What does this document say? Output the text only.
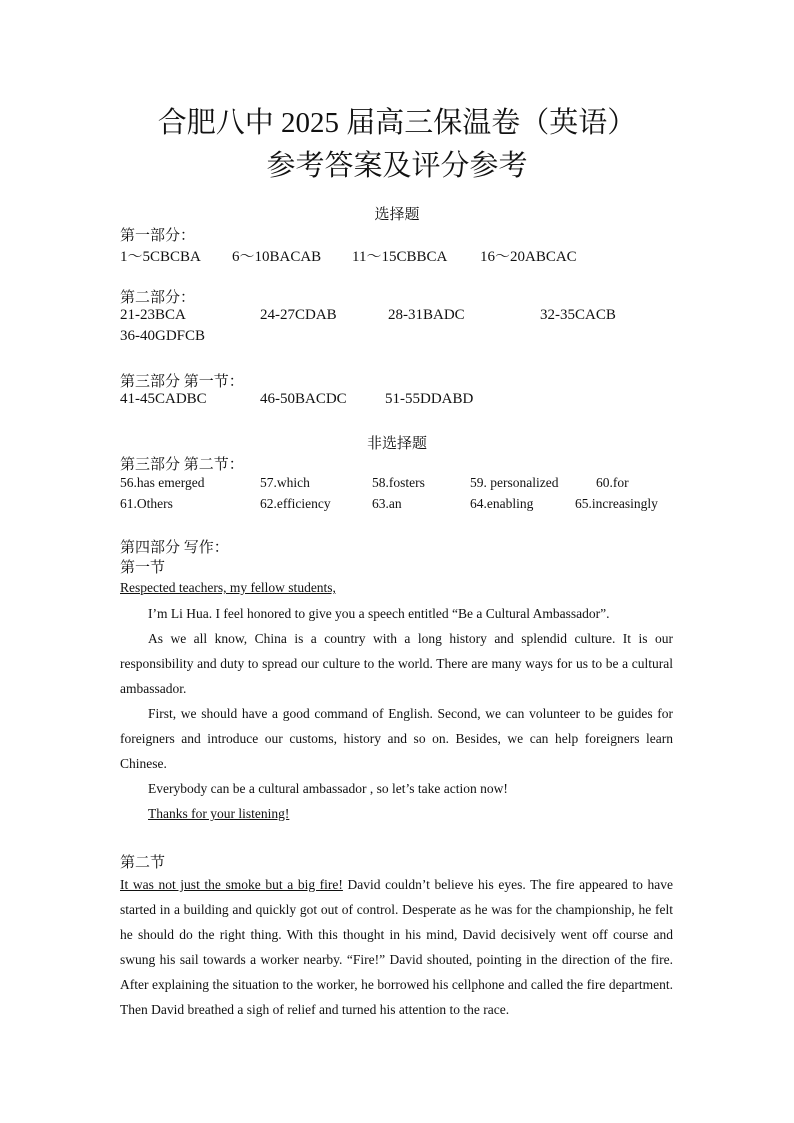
合肥八中 2025 届高三保温卷（英语）
参考答案及评分参考
选择题
第一部分：
1～5CBCBA 6～10BACAB 11～15CBBCA 16～20ABCAC
第二部分：
21-23BCA	24-27CDAB	28-31BADC	32-35CACB
36-40GDFCB
第三部分 第一节：
41-45CADBC	46-50BACDC	51-55DDABD
非选择题
第三部分 第二节：
56.has emerged	57.which	58.fosters	59. personalized	60.for
61.Others	62.efficiency	63.an	64.enabling	65.increasingly
第四部分 写作：
第一节
Respected teachers, my fellow students,
I’m Li Hua. I feel honored to give you a speech entitled “Be a Cultural Ambassador”.
As we all know, China is a country with a long history and splendid culture. It is our responsibility and duty to spread our culture to the world. There are many ways for us to be a cultural ambassador.
First, we should have a good command of English. Second, we can volunteer to be guides for foreigners and introduce our customs, history and so on. Besides, we can help foreigners learn Chinese.
Everybody can be a cultural ambassador , so let’s take action now!
Thanks for your listening!
第二节
It was not just the smoke but a big fire! David couldn’t believe his eyes. The fire appeared to have started in a building and quickly got out of control. Desperate as he was for the championship, he felt he should do the right thing. With this thought in his mind, David decisively went off course and swung his sail towards a worker nearby. “Fire!” David shouted, pointing in the direction of the fire. After explaining the situation to the worker, he borrowed his cellphone and called the fire department. Then David breathed a sigh of relief and turned his attention to the race.
